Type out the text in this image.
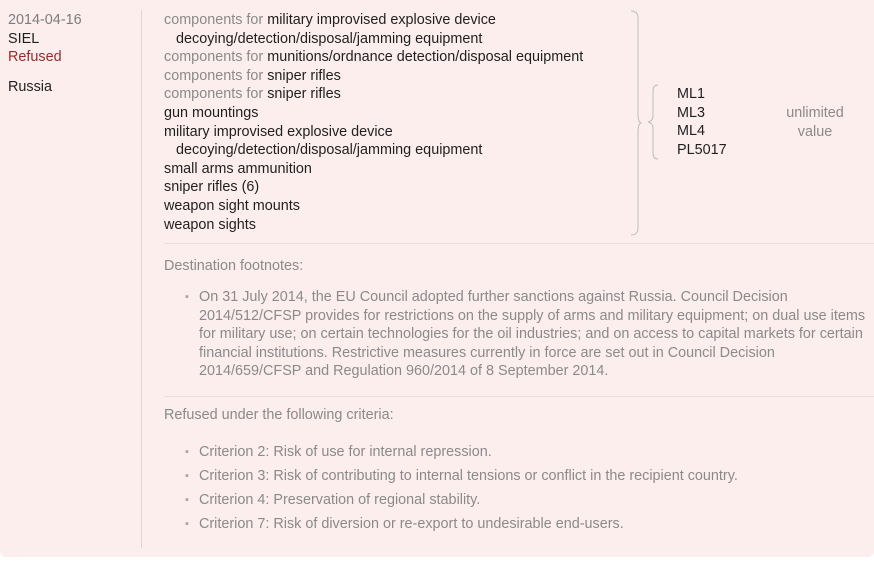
2014-04-16
SIEL
Refused
Russia
components for military improvised explosive device
decoying/detection/disposal/jamming equipment
components for munitions/ordnance detection/disposal equipment
components for sniper rifles
components for sniper rifles
gun mountings
military improvised explosive device
decoying/detection/disposal/jamming equipment
small arms ammunition
sniper rifles (6)
weapon sight mounts
weapon sights
ML1
ML3
ML4
PL5017
unlimited
value
Destination footnotes:
▪ On 31 July 2014, the EU Council adopted further sanctions against Russia. Council Decision 2014/512/CFSP provides for restrictions on the supply of arms and military equipment; on dual use items for military use; on certain technologies for the oil industries; and on access to capital markets for certain financial institutions. Restrictive measures currently in force are set out in Council Decision 2014/659/CFSP and Regulation 960/2014 of 8 September 2014.
Refused under the following criteria:
▪ Criterion 2: Risk of use for internal repression.
▪ Criterion 3: Risk of contributing to internal tensions or conflict in the recipient country.
▪ Criterion 4: Preservation of regional stability.
▪ Criterion 7: Risk of diversion or re-export to undesirable end-users.
